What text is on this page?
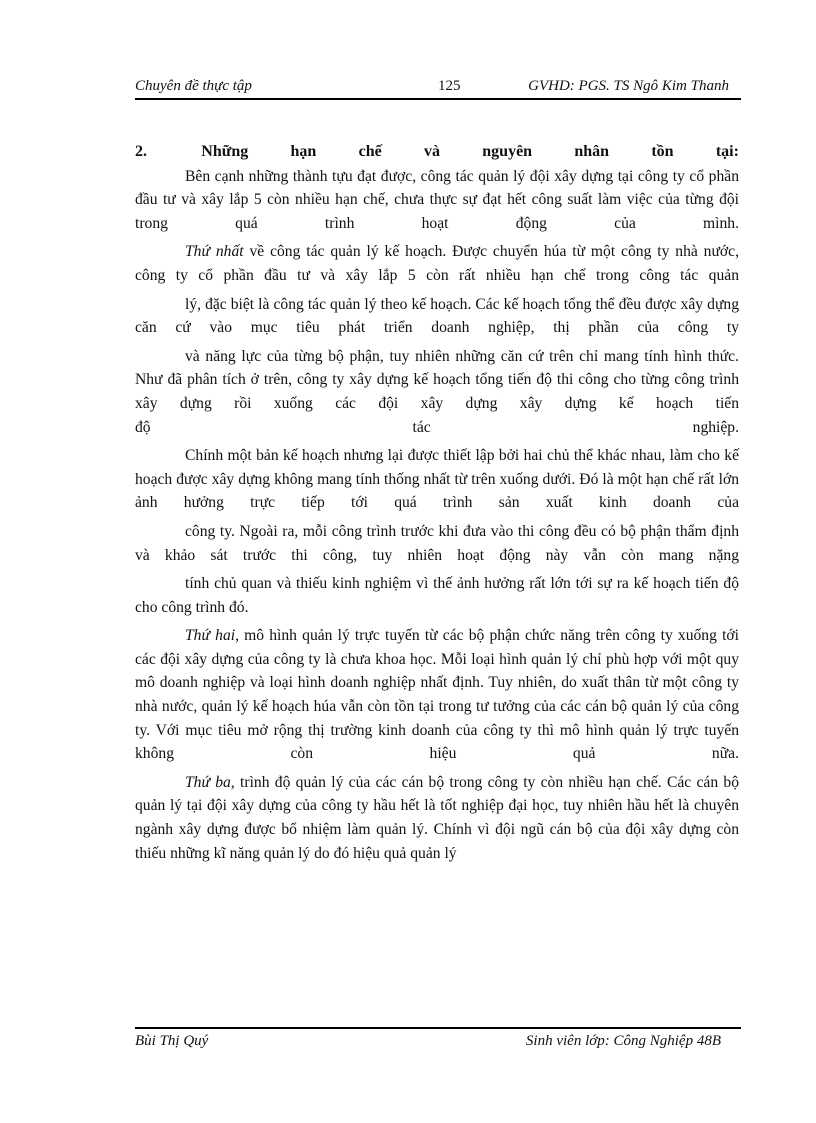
Chuyên đề thực tập	125	GVHD: PGS. TS Ngô Kim Thanh
2.	Những	hạn	chế	và	nguyên	nhân	tồn	tại:

Bên cạnh những thành tựu đạt được, công tác quản lý đội xây dựng tại công ty cổ phần đầu tư và xây lắp 5 còn nhiều hạn chế, chưa thực sự đạt hết công suất làm việc của từng đội trong quá trình hoạt động của mình.

Thứ nhất về công tác quản lý kế hoạch. Được chuyển húa từ một công ty nhà nước, công ty cổ phần đầu tư và xây lắp 5 còn rất nhiều hạn chế trong công tác quản

lý, đặc biệt là công tác quản lý theo kế hoạch. Các kế hoạch tổng thể đều được xây dựng căn cứ vào mục tiêu phát triển doanh nghiệp, thị phần của công ty

và năng lực của từng bộ phận, tuy nhiên những căn cứ trên chỉ mang tính hình thức. Như đã phân tích ở trên, công ty xây dựng kế hoạch tổng tiến độ thi công cho từng công trình xây dựng rồi xuống các đội xây dựng xây dựng kế hoạch tiến

độ	tác	nghiệp.

Chính một bản kế hoạch nhưng lại được thiết lập bởi hai chủ thể khác nhau, làm cho kế hoạch được xây dựng không mang tính thống nhất từ trên xuống dưới. Đó là một hạn chế rất lớn ảnh hưởng trực tiếp tới quá trình sản xuất kinh doanh của

công ty. Ngoài ra, mỗi công trình trước khi đưa vào thi công đều có bộ phận thẩm định và khảo sát trước thi công, tuy nhiên hoạt động này vẫn còn mang nặng

tính chủ quan và thiếu kinh nghiệm vì thế ảnh hưởng rất lớn tới sự ra kế hoạch tiến độ cho công trình đó.

Thứ hai, mô hình quản lý trực tuyến từ các bộ phận chức năng trên công ty xuống tới các đội xây dựng của công ty là chưa khoa học. Mỗi loại hình quản lý chỉ phù hợp với một quy mô doanh nghiệp và loại hình doanh nghiệp nhất định. Tuy nhiên, do xuất thân từ một công ty nhà nước, quản lý kế hoạch húa vẫn còn tồn tại trong tư tưởng của các cán bộ quản lý của công ty. Với mục tiêu mở rộng thị trường kinh doanh của công ty thì mô hình quản lý trực tuyến không còn hiệu quả nữa.

Thứ ba, trình độ quản lý của các cán bộ trong công ty còn nhiều hạn chế. Các cán bộ quản lý tại đội xây dựng của công ty hầu hết là tốt nghiệp đại học, tuy nhiên hầu hết là chuyên ngành xây dựng được bổ nhiệm làm quản lý. Chính vì đội ngũ cán bộ của đội xây dựng còn thiếu những kĩ năng quản lý do đó hiệu quả quản lý

Bùi Thị Quý	Sinh viên lớp: Công Nghiệp 48B
